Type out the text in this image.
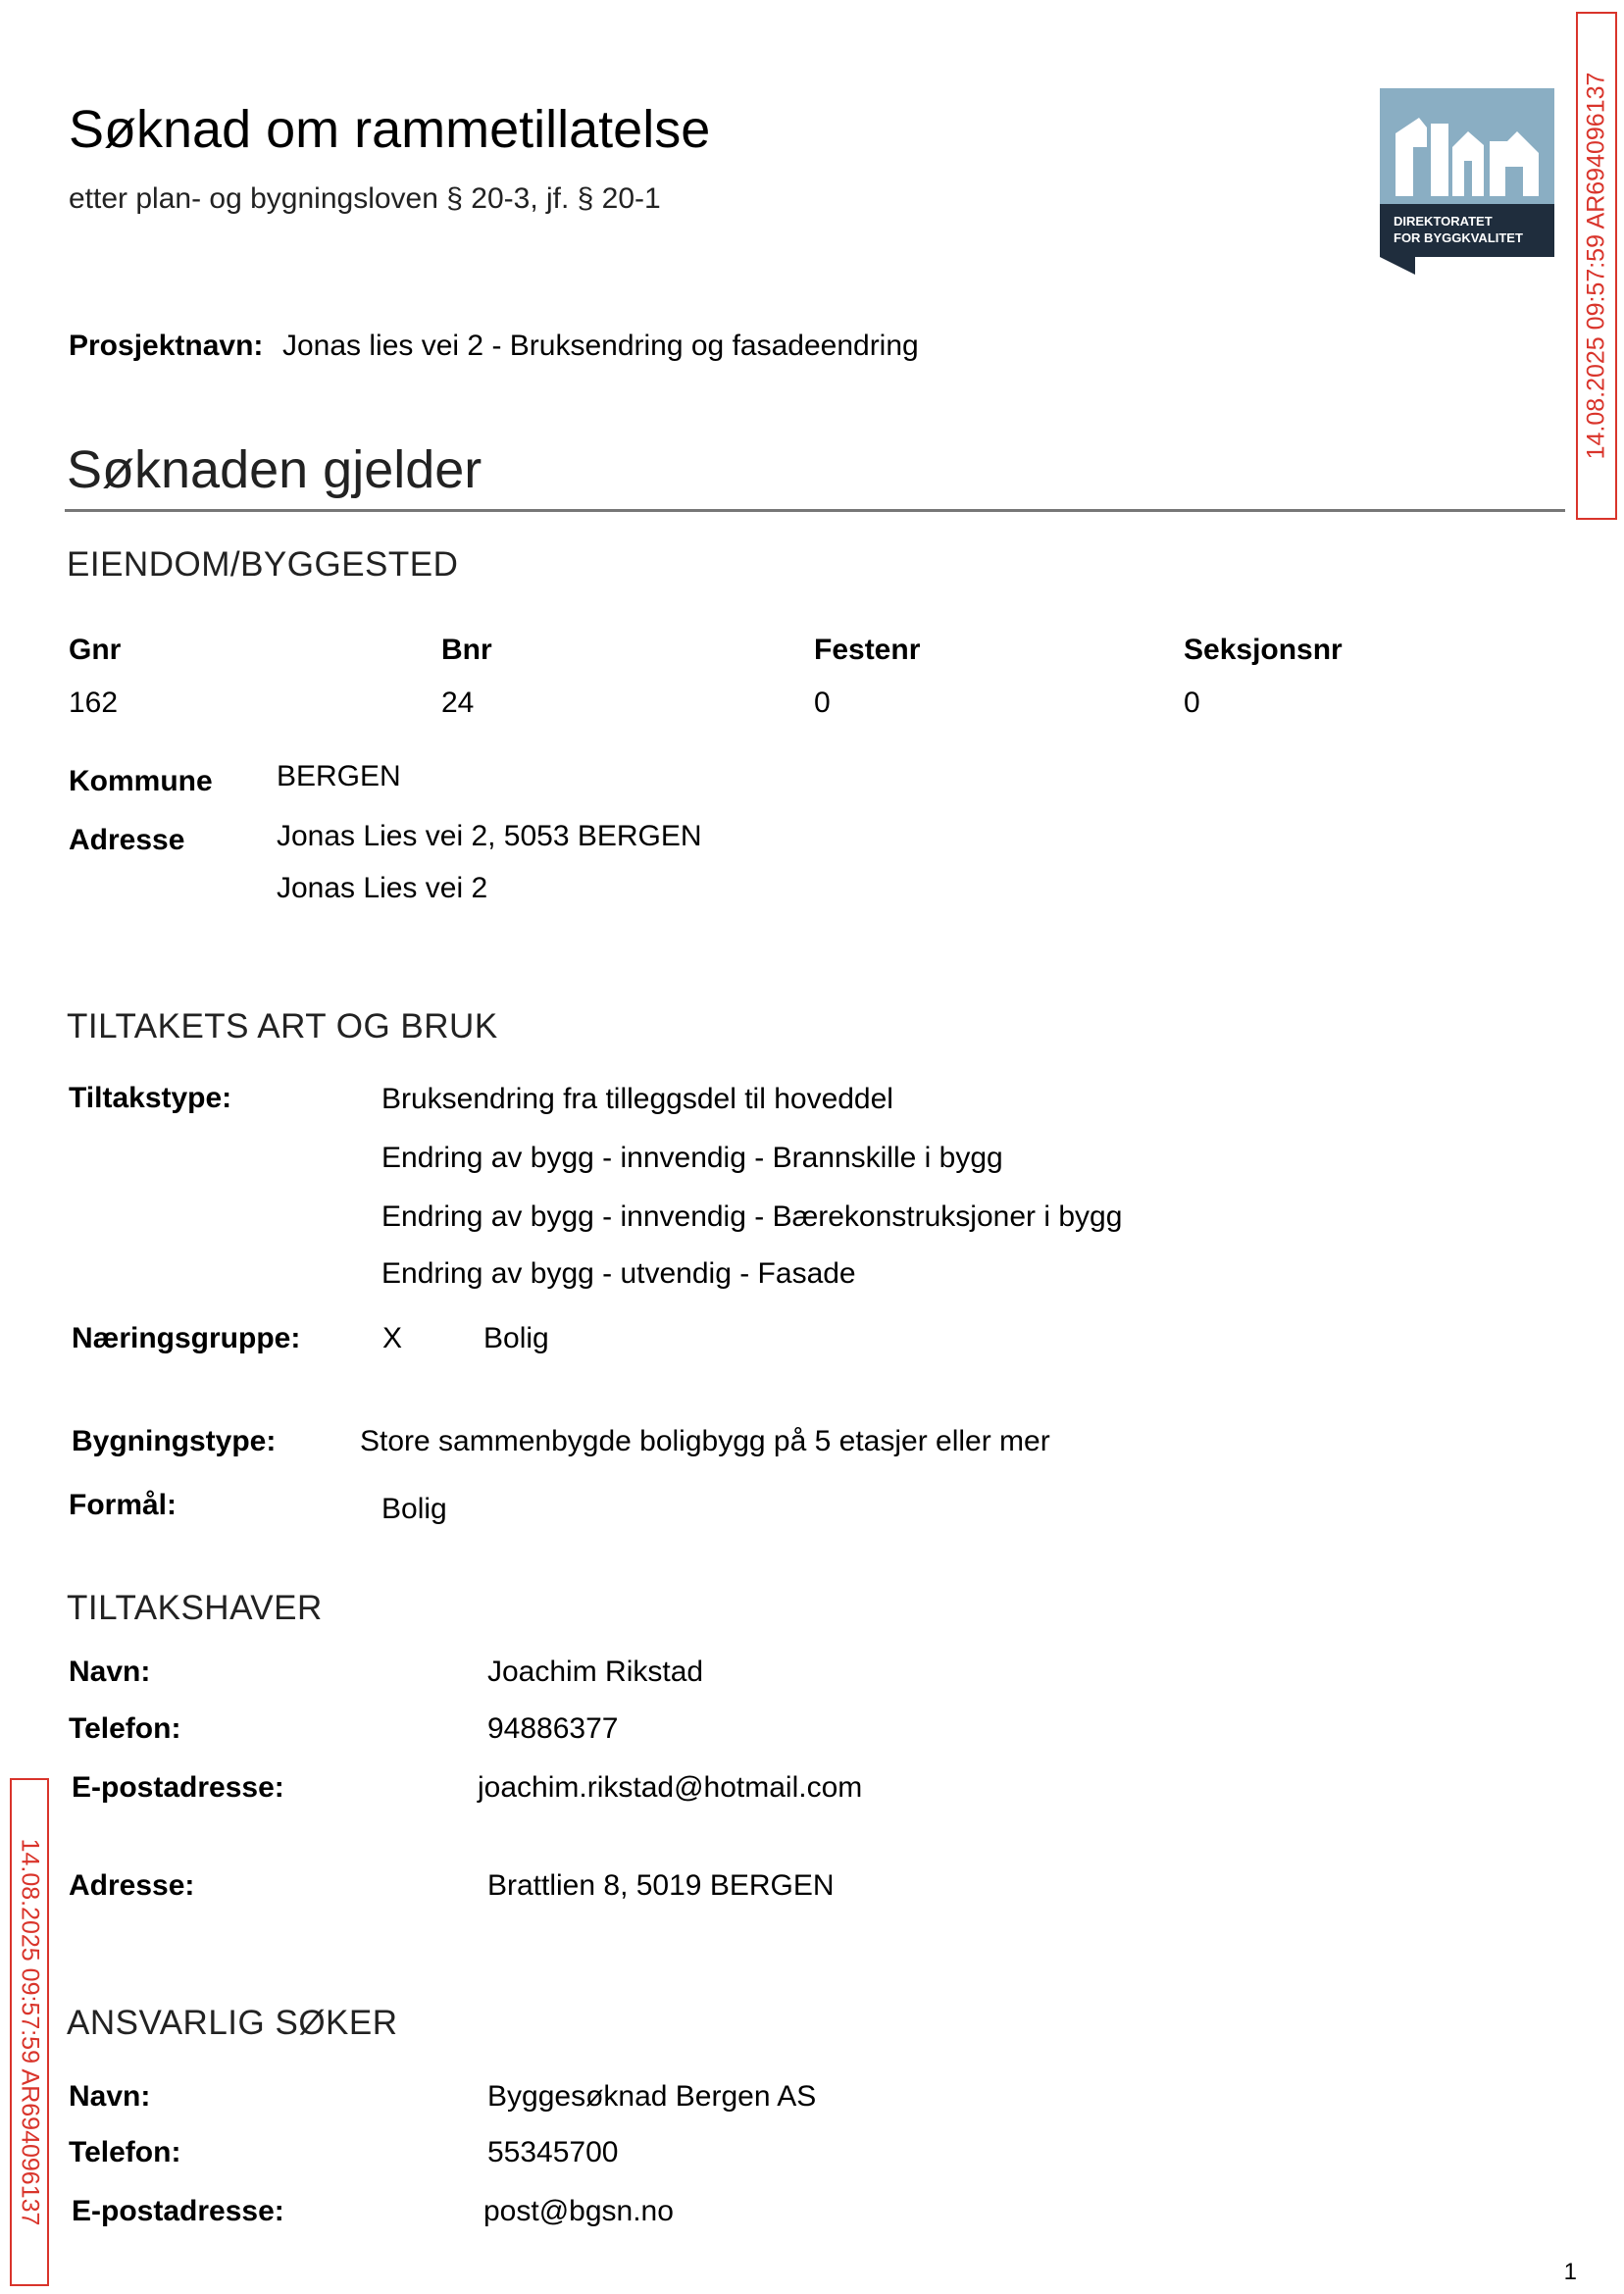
Søknad om rammetillatelse
etter plan- og bygningsloven § 20-3, jf. § 20-1
DIREKTORATET
FOR BYGGKVALITET 14.08.2025 09:57:59 AR694096137
14.08.2025 09:57:59 AR694096137
Prosjektnavn: Jonas lies vei 2 - Bruksendring og fasadeendring
Søknaden gjelder
EIENDOM/BYGGESTED
Gnr	Bnr	Festenr	Seksjonsnr
162	24	0	0
Kommune BERGEN
Adresse	Jonas Lies vei 2, 5053 BERGEN
Jonas Lies vei 2
TILTAKETS ART OG BRUK
Tiltakstype:	Bruksendring fra tilleggsdel til hoveddel
Endring av bygg - innvendig - Brannskille i bygg
Endring av bygg - innvendig - Bærekonstruksjoner i bygg
Endring av bygg - utvendig - Fasade
Næringsgruppe:	X	Bolig
Bygningstype:	Store sammenbygde boligbygg på 5 etasjer eller mer
Formål:	Bolig
TILTAKSHAVER
Navn:	Joachim Rikstad
Telefon:	94886377
E-postadresse:	joachim.rikstad@hotmail.com
Adresse:	Brattlien 8, 5019 BERGEN
ANSVARLIG SØKER
Navn:	Byggesøknad Bergen AS
Telefon:	55345700
E-postadresse:	post@bgsn.no
1
